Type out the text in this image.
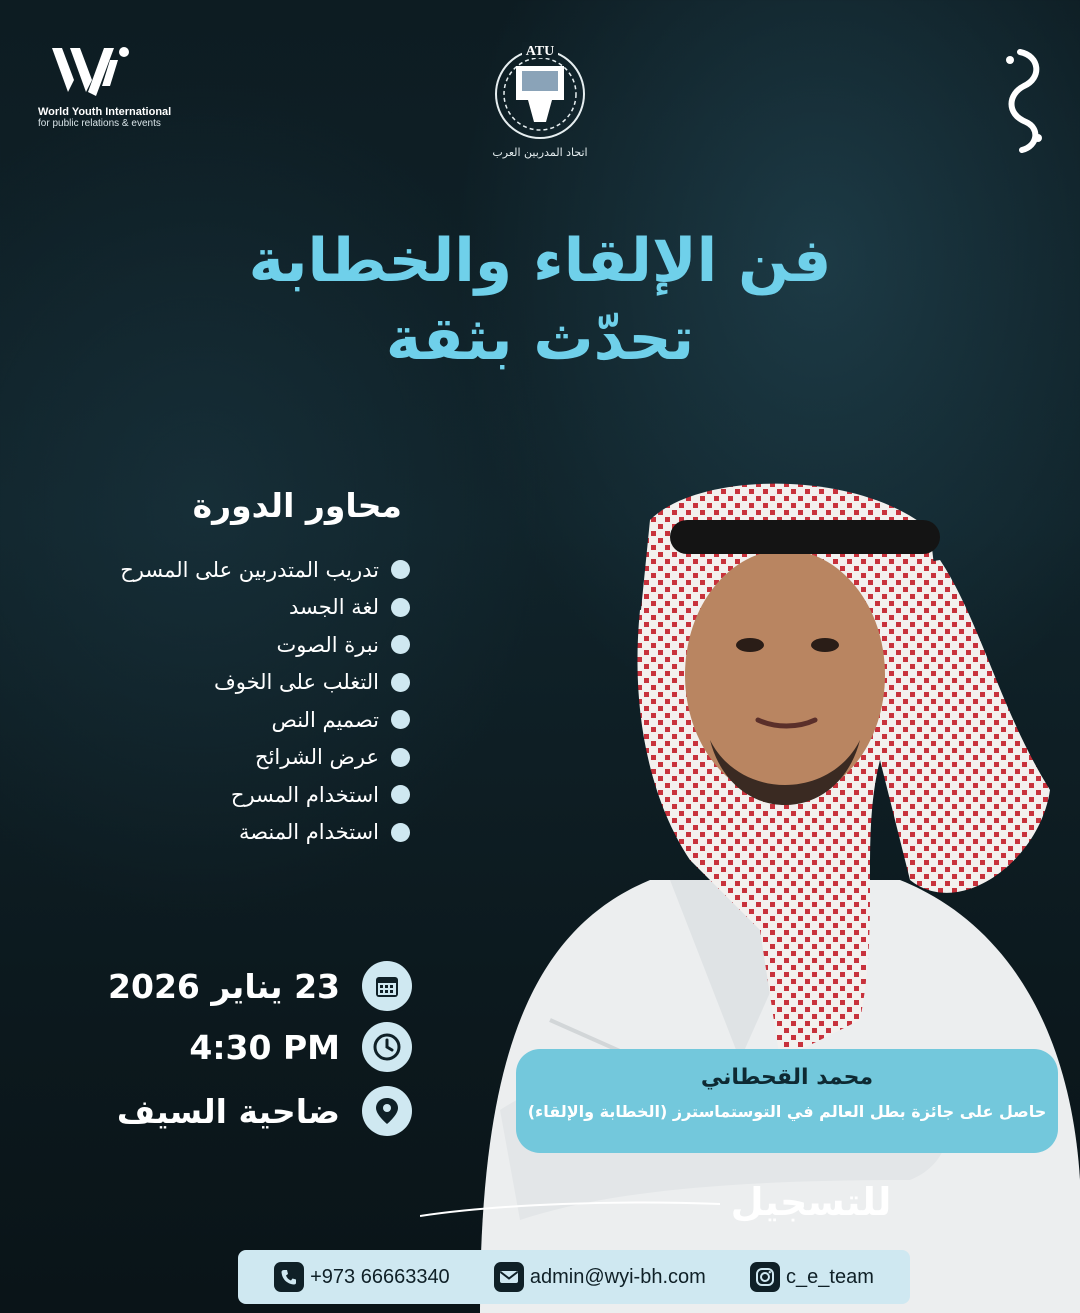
World Youth International
for public relations & events
ATU
اتحاد المدربين العرب
فن الإلقاء والخطابة
تحدّث بثقة
محاور الدورة
تدريب المتدربين على المسرح
لغة الجسد
نبرة الصوت
التغلب على الخوف
تصميم النص
عرض الشرائح
استخدام المسرح
استخدام المنصة
23 يناير 2026
4:30 PM
ضاحية السيف
محمد القحطاني
حاصل على جائزة بطل العالم في التوستماسترز (الخطابة والإلقاء)
للتسجيل
+973 66663340	admin@wyi-bh.com	c_e_team
